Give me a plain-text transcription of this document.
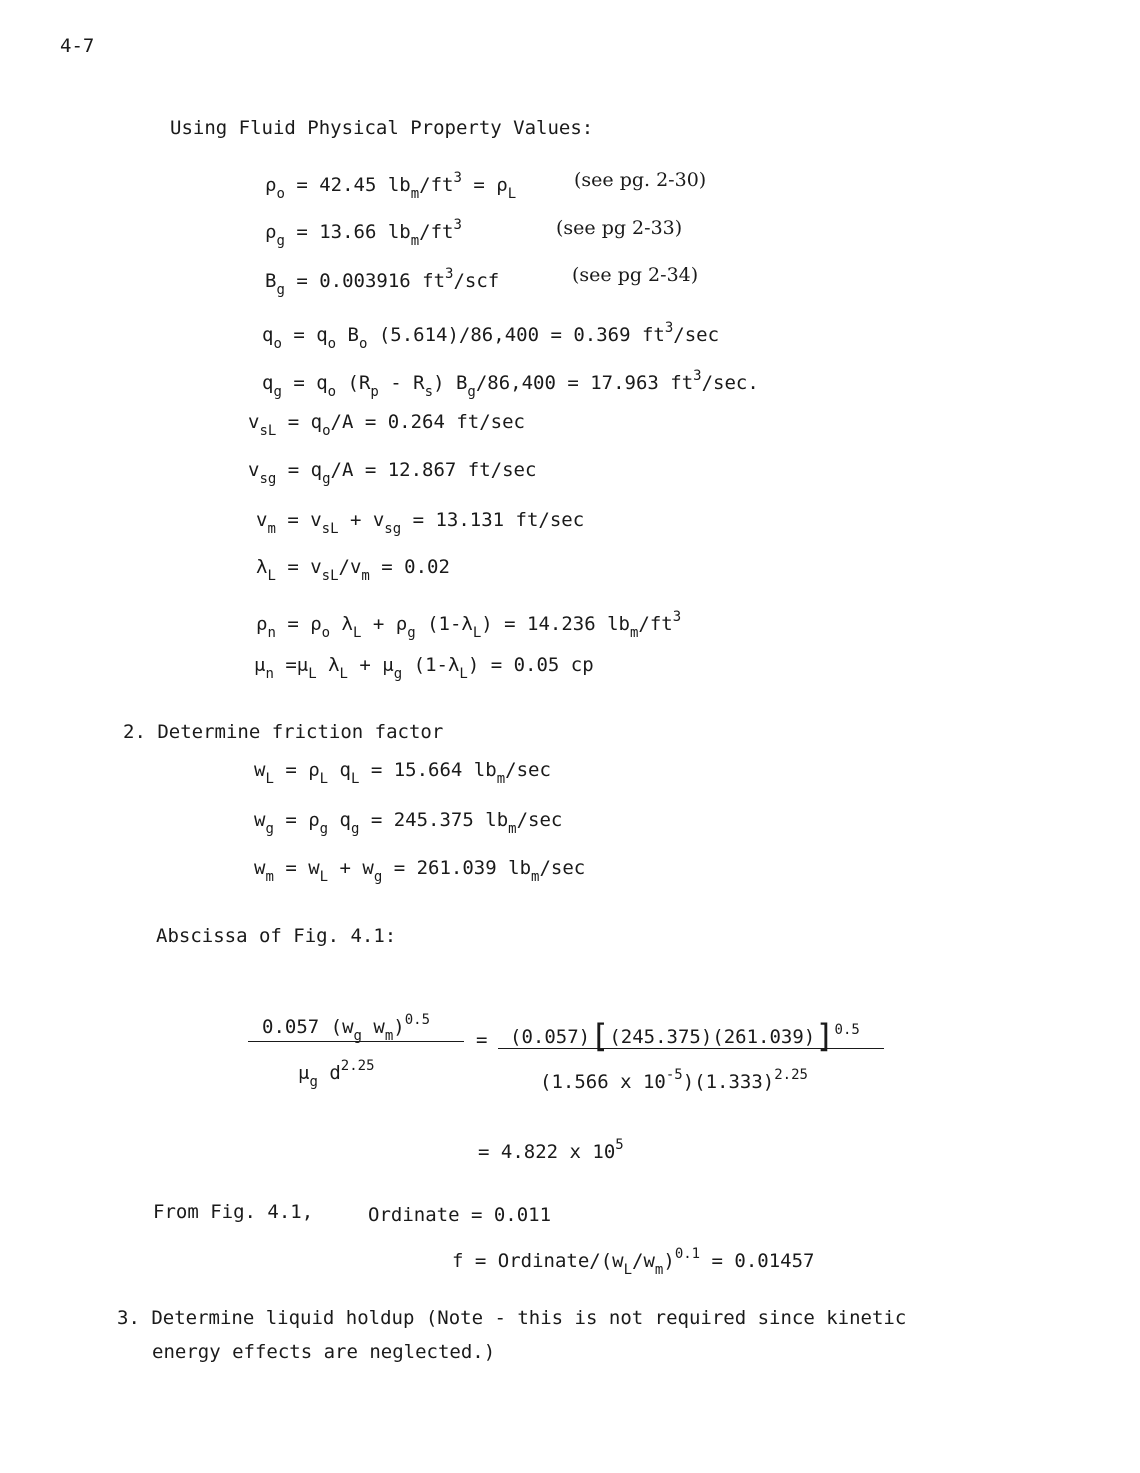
4-7
Using Fluid Physical Property Values:
$\rho_o = 42.45$ $lb_m/ft^3 = \rho_L$
(see pg. 2-30)
$\rho_g = 13.66$ $lb_m/ft^3$	(see pg 2-33)
$B_g = 0.003916$ $ft^3$/scf	(see pg 2-34)
$q_o = q_o$ $B_o$ (5.614)/86,400 = 0.369 $ft^3/\sec$
$q_g = q_o$ $(R_p - R_s) B_g/86,400 = 17.963$ $ft^3/\sec$.
$v_{sL} = q_o/A = 0.264$ ft/sec
$v_{sg} = q_g/A = 12.867$ ft/sec
$v_m = v_{sL} + v_{sg} = 13.131$ ft/sec
$\lambda_L = v_{sL}/v_m = 0.02$
$\rho_n = \rho_o$ $\lambda_L + \rho_g$ $(1-\lambda_L) = 14.236$ $lb_m/ft^3$
$\mu_n =\mu_L$ $\lambda_L + \mu_g$ $(1-\lambda_L) = 0.05$ cp
2. Determine friction factor
$w_L = \rho_L$ $q_L = 15.664$ $lb_m/\sec$
$w_g = \rho_g$ $q_g = 245.375$ $lb_m/\sec$
$w_m = w_L + w_g = 261.039$ $lb_m/\sec$
Abscissa of Fig. 4.1:
0.057 ($w_g$ $w_m)^{0.5}$
$\mu_g$ $d^{2.25}$
= $(0.057)[(245.375)(261.039)]^{0.5}$
(1.566 x $10^{-5})(1.333)^{2.25}$
= 4.822 x $10^5$
From Fig. 4.1,	Ordinate = 0.011
f = Ordinate/$(w_L/w_m)^{0.1} = 0.01457$
3. Determine liquid holdup (Note - this is not required since kinetic
energy effects are neglected.)
